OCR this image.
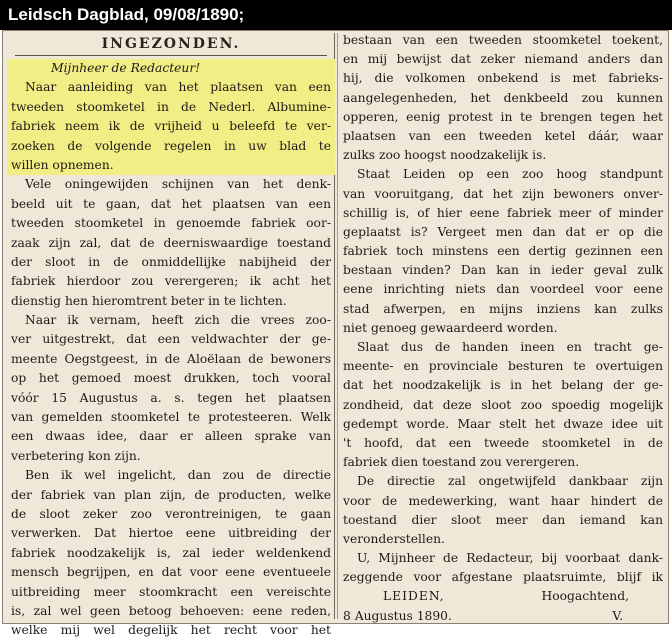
Leidsch Dagblad, 09/08/1890;
INGEZONDEN.
Mijnheer de Redacteur!
Naar aanleiding van het plaatsen van een
tweeden stoomketel in de Nederl. Albumine-
fabriek neem ik de vrijheid u beleefd te ver-
zoeken de volgende regelen in uw blad te
willen opnemen.
Vele oningewijden schijnen van het denk-
beeld uit te gaan, dat het plaatsen van een
tweeden stoomketel in genoemde fabriek oor-
zaak zijn zal, dat de deerniswaardige toestand
der sloot in de onmiddellijke nabijheid der
fabriek hierdoor zou verergeren; ik acht het
dienstig hen hieromtrent beter in te lichten.
Naar ik vernam, heeft zich die vrees zoo-
ver uitgestrekt, dat een veldwachter der ge-
meente Oegstgeest, in de Aloëlaan de bewoners
op het gemoed moest drukken, toch vooral
vóór 15 Augustus a. s. tegen het plaatsen
van gemelden stoomketel te protesteeren. Welk
een dwaas idee, daar er alleen sprake van
verbetering kon zijn.
Ben ik wel ingelicht, dan zou de directie
der fabriek van plan zijn, de producten, welke
de sloot zeker zoo verontreinigen, te gaan
verwerken. Dat hiertoe eene uitbreiding der
fabriek noodzakelijk is, zal ieder weldenkend
mensch begrijpen, en dat voor eene eventueele
uitbreiding meer stoomkracht een vereischte
is, zal wel geen betoog behoeven: eene reden,
welke mij wel degelijk het recht voor het
bestaan van een tweeden stoomketel toekent,
en mij bewijst dat zeker niemand anders dan
hij, die volkomen onbekend is met fabrieks-
aangelegenheden, het denkbeeld zou kunnen
opperen, eenig protest in te brengen tegen het
plaatsen van een tweeden ketel dáár, waar
zulks zoo hoogst noodzakelijk is.
Staat Leiden op een zoo hoog standpunt
van vooruitgang, dat het zijn bewoners onver-
schillig is, of hier eene fabriek meer of minder
geplaatst is? Vergeet men dan dat er op die
fabriek toch minstens een dertig gezinnen een
bestaan vinden? Dan kan in ieder geval zulk
eene inrichting niets dan voordeel voor eene
stad afwerpen, en mijns inziens kan zulks
niet genoeg gewaardeerd worden.
Slaat dus de handen ineen en tracht ge-
meente- en provinciale besturen te overtuigen
dat het noodzakelijk is in het belang der ge-
zondheid, dat deze sloot zoo spoedig mogelijk
gedempt worde. Maar stelt het dwaze idee uit
't hoofd, dat een tweede stoomketel in de
fabriek dien toestand zou verergeren.
De directie zal ongetwijfeld dankbaar zijn
voor de medewerking, want haar hindert de
toestand dier sloot meer dan iemand kan
veronderstellen.
U, Mijnheer de Redacteur, bij voorbaat dank-
zeggende voor afgestane plaatsruimte, blijf ik
LEIDEN,	Hoogachtend,
8 Augustus 1890.	V.
